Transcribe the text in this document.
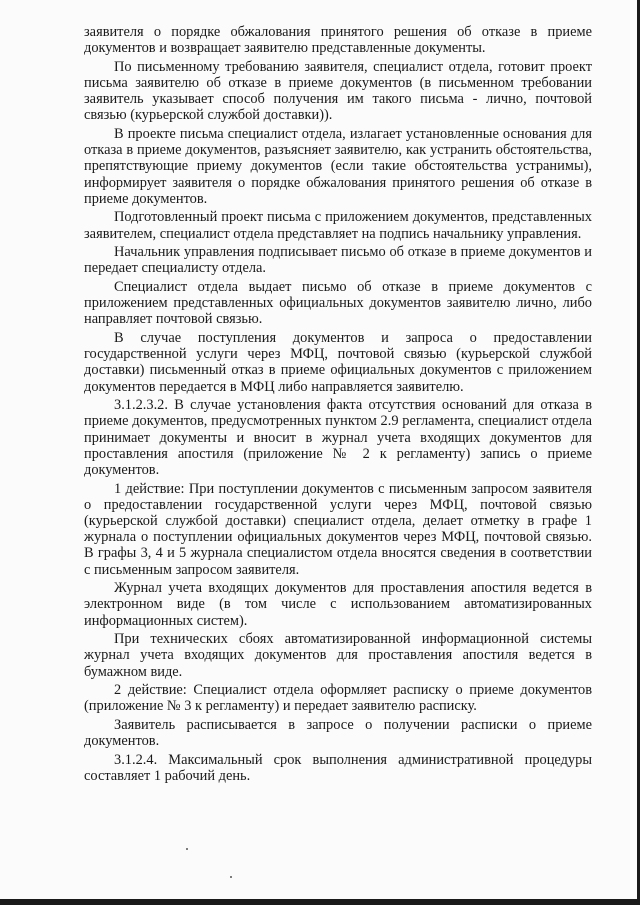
заявителя о порядке обжалования принятого решения об отказе в приеме документов и возвращает заявителю представленные документы.

По письменному требованию заявителя, специалист отдела, готовит проект письма заявителю об отказе в приеме документов (в письменном требовании заявитель указывает способ получения им такого письма - лично, почтовой связью (курьерской службой доставки)).

В проекте письма специалист отдела, излагает установленные основания для отказа в приеме документов, разъясняет заявителю, как устранить обстоятельства, препятствующие приему документов (если такие обстоятельства устранимы), информирует заявителя о порядке обжалования принятого решения об отказе в приеме документов.

Подготовленный проект письма с приложением документов, представленных заявителем, специалист отдела представляет на подпись начальнику управления.

Начальник управления подписывает письмо об отказе в приеме документов и передает специалисту отдела.

Специалист отдела выдает письмо об отказе в приеме документов с приложением представленных официальных документов заявителю лично, либо направляет почтовой связью.

В случае поступления документов и запроса о предоставлении государственной услуги через МФЦ, почтовой связью (курьерской службой доставки) письменный отказ в приеме официальных документов с приложением документов передается в МФЦ либо направляется заявителю.

3.1.2.3.2. В случае установления факта отсутствия оснований для отказа в приеме документов, предусмотренных пунктом 2.9 регламента, специалист отдела принимает документы и вносит в журнал учета входящих документов для проставления апостиля (приложение № 2 к регламенту) запись о приеме документов.

1 действие: При поступлении документов с письменным запросом заявителя о предоставлении государственной услуги через МФЦ, почтовой связью (курьерской службой доставки) специалист отдела, делает отметку в графе 1 журнала о поступлении официальных документов через МФЦ, почтовой связью. В графы 3, 4 и 5 журнала специалистом отдела вносятся сведения в соответствии с письменным запросом заявителя.

Журнал учета входящих документов для проставления апостиля ведется в электронном виде (в том числе с использованием автоматизированных информационных систем).

При технических сбоях автоматизированной информационной системы журнал учета входящих документов для проставления апостиля ведется в бумажном виде.

2 действие: Специалист отдела оформляет расписку о приеме документов (приложение № 3 к регламенту) и передает заявителю расписку.

Заявитель расписывается в запросе о получении расписки о приеме документов.

3.1.2.4. Максимальный срок выполнения административной процедуры составляет 1 рабочий день.
